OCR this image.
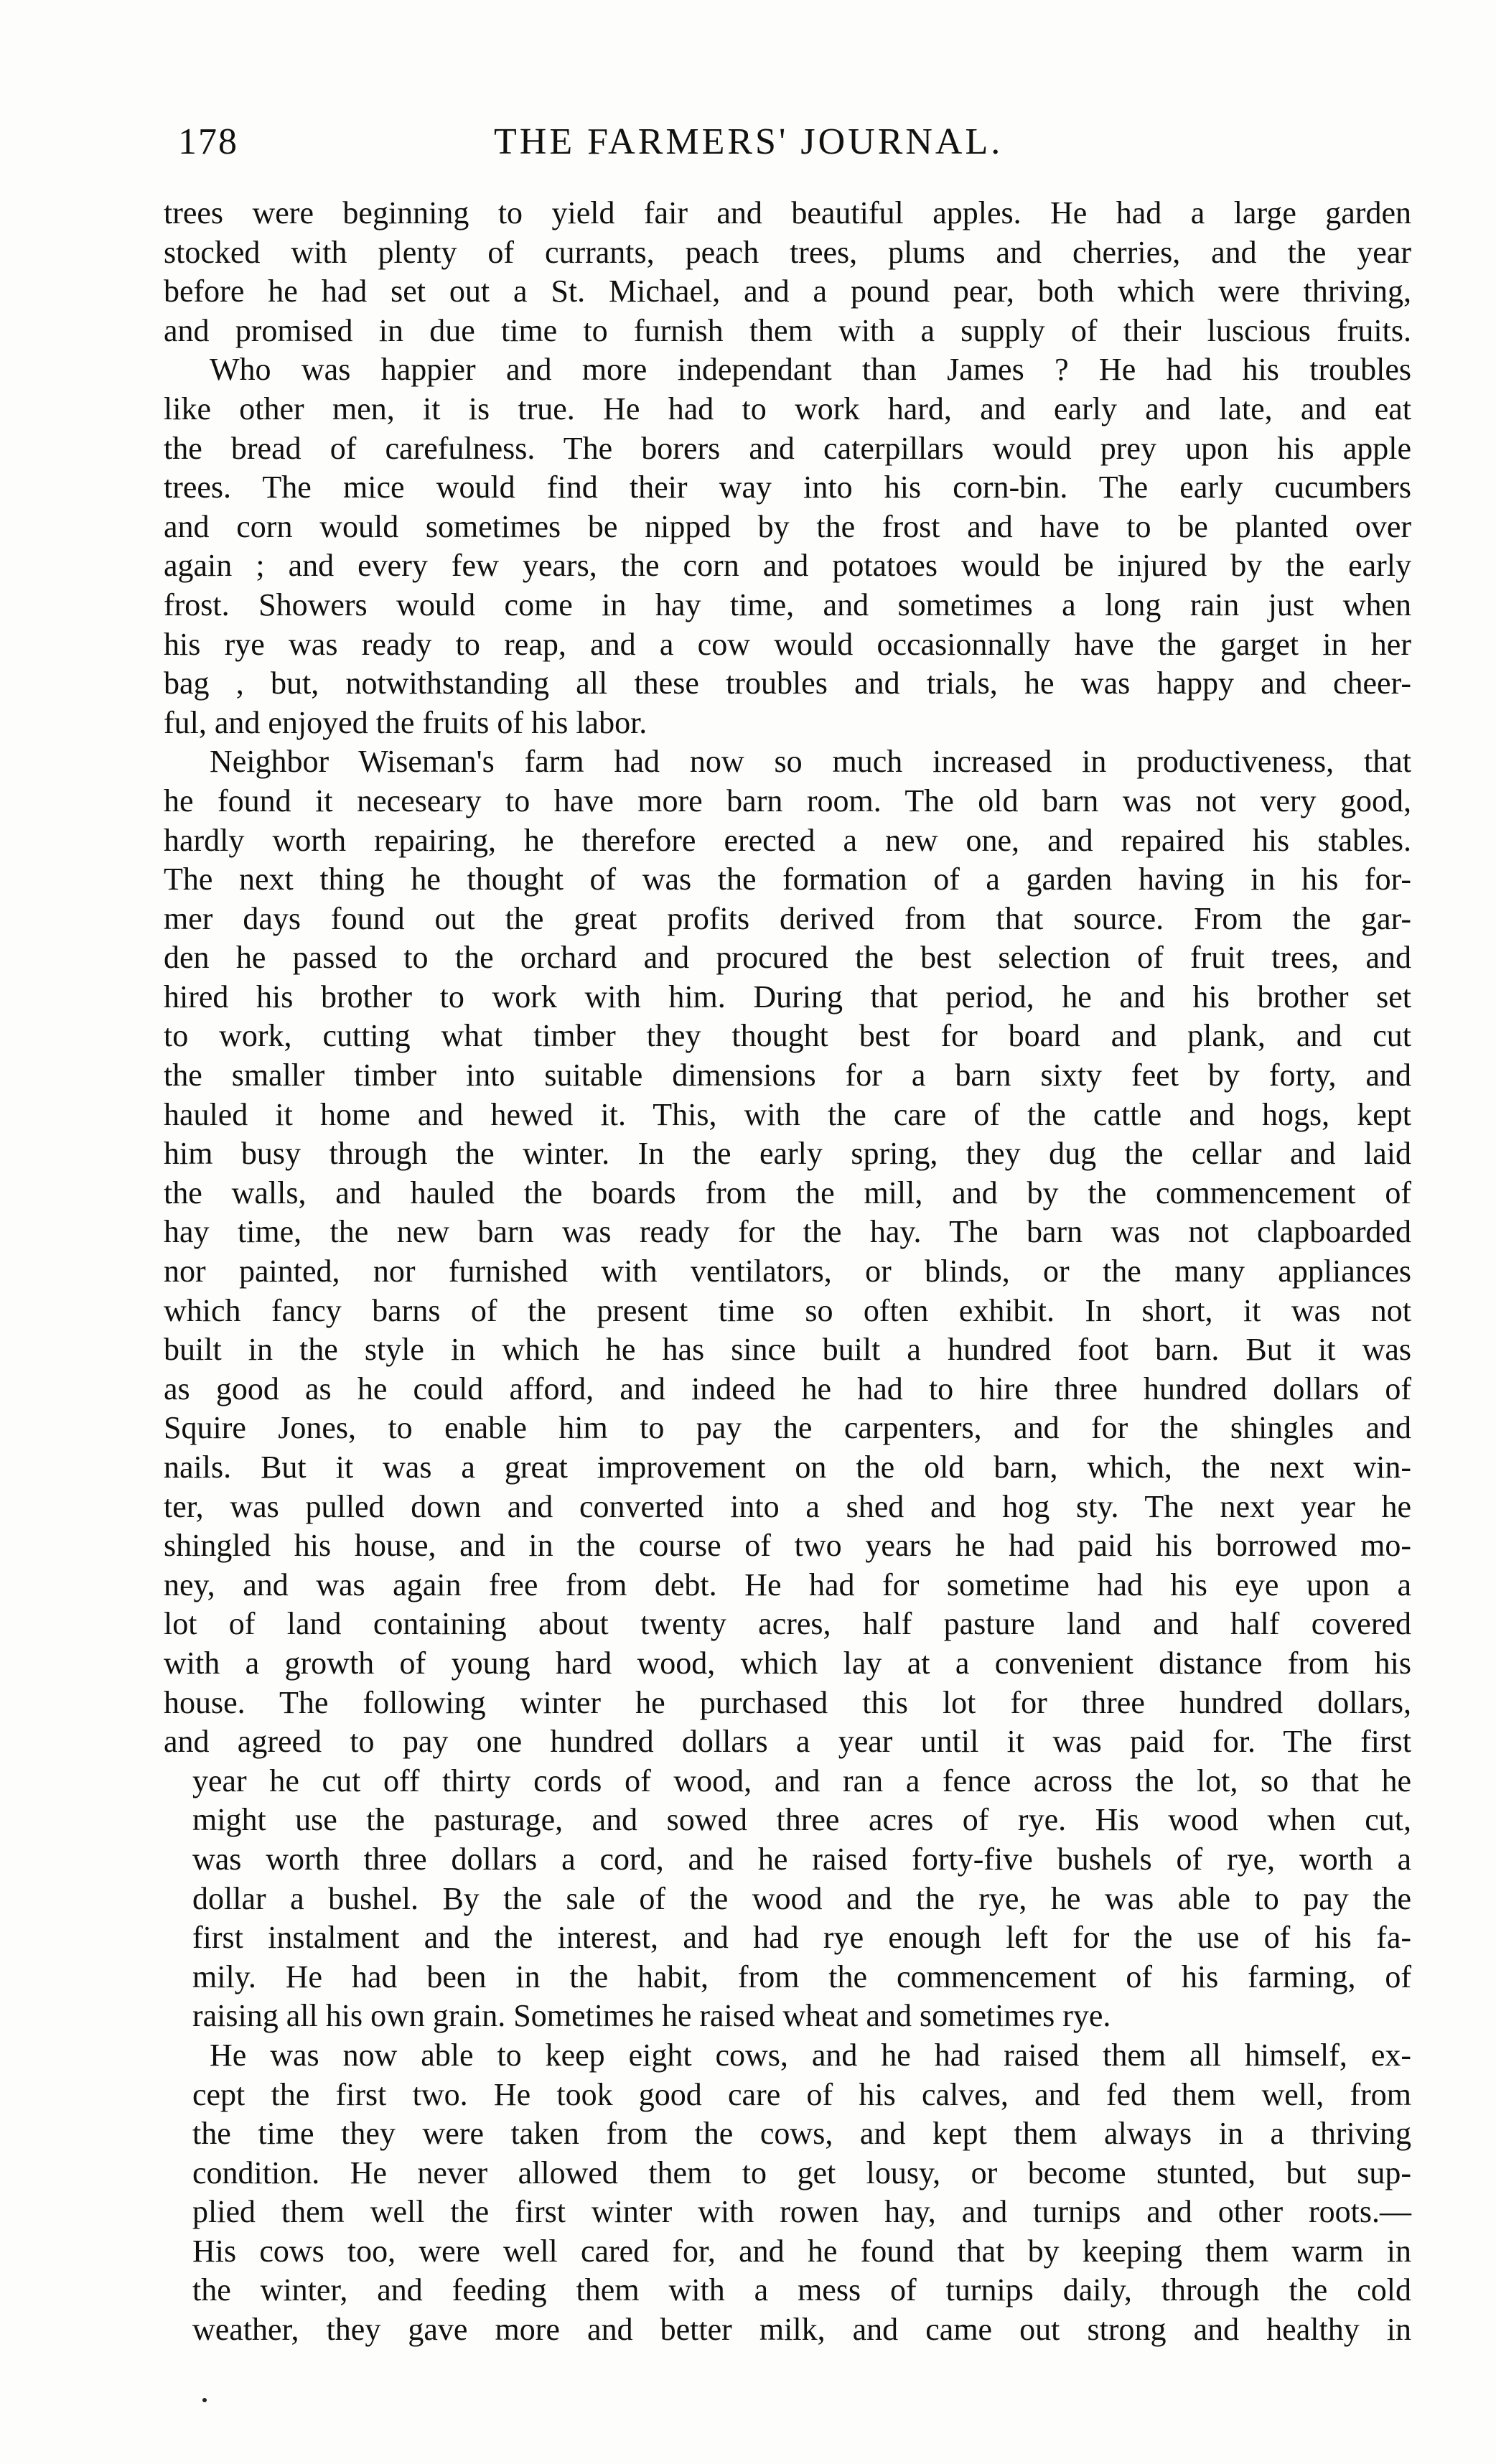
178	THE FARMERS' JOURNAL.
trees were beginning to yield fair and beautiful apples. He had a large garden
stocked with plenty of currants, peach trees, plums and cherries, and the year
before he had set out a St. Michael, and a pound pear, both which were thriving,
and promised in due time to furnish them with a supply of their luscious fruits.
Who was happier and more independant than James ? He had his troubles
like other men, it is true. He had to work hard, and early and late, and eat
the bread of carefulness. The borers and caterpillars would prey upon his apple
trees. The mice would find their way into his corn-bin. The early cucumbers
and corn would sometimes be nipped by the frost and have to be planted over
again ; and every few years, the corn and potatoes would be injured by the early
frost. Showers would come in hay time, and sometimes a long rain just when
his rye was ready to reap, and a cow would occasionnally have the garget in her
bag , but, notwithstanding all these troubles and trials, he was happy and cheer-
ful, and enjoyed the fruits of his labor.
Neighbor Wiseman's farm had now so much increased in productiveness, that
he found it neceseary to have more barn room. The old barn was not very good,
hardly worth repairing, he therefore erected a new one, and repaired his stables.
The next thing he thought of was the formation of a garden having in his for-
mer days found out the great profits derived from that source. From the gar-
den he passed to the orchard and procured the best selection of fruit trees, and
hired his brother to work with him. During that period, he and his brother set
to work, cutting what timber they thought best for board and plank, and cut
the smaller timber into suitable dimensions for a barn sixty feet by forty, and
hauled it home and hewed it. This, with the care of the cattle and hogs, kept
him busy through the winter. In the early spring, they dug the cellar and laid
the walls, and hauled the boards from the mill, and by the commencement of
hay time, the new barn was ready for the hay. The barn was not clapboarded
nor painted, nor furnished with ventilators, or blinds, or the many appliances
which fancy barns of the present time so often exhibit. In short, it was not
built in the style in which he has since built a hundred foot barn. But it was
as good as he could afford, and indeed he had to hire three hundred dollars of
Squire Jones, to enable him to pay the carpenters, and for the shingles and
nails. But it was a great improvement on the old barn, which, the next win-
ter, was pulled down and converted into a shed and hog sty. The next year he
shingled his house, and in the course of two years he had paid his borrowed mo-
ney, and was again free from debt. He had for sometime had his eye upon a
lot of land containing about twenty acres, half pasture land and half covered
with a growth of young hard wood, which lay at a convenient distance from his
house. The following winter he purchased this lot for three hundred dollars,
and agreed to pay one hundred dollars a year until it was paid for. The first
year he cut off thirty cords of wood, and ran a fence across the lot, so that he
might use the pasturage, and sowed three acres of rye. His wood when cut,
was worth three dollars a cord, and he raised forty-five bushels of rye, worth a
dollar a bushel. By the sale of the wood and the rye, he was able to pay the
first instalment and the interest, and had rye enough left for the use of his fa-
mily. He had been in the habit, from the commencement of his farming, of
raising all his own grain. Sometimes he raised wheat and sometimes rye.
He was now able to keep eight cows, and he had raised them all himself, ex-
cept the first two. He took good care of his calves, and fed them well, from
the time they were taken from the cows, and kept them always in a thriving
condition. He never allowed them to get lousy, or become stunted, but sup-
plied them well the first winter with rowen hay, and turnips and other roots.—
His cows too, were well cared for, and he found that by keeping them warm in
the winter, and feeding them with a mess of turnips daily, through the cold
weather, they gave more and better milk, and came out strong and healthy in
